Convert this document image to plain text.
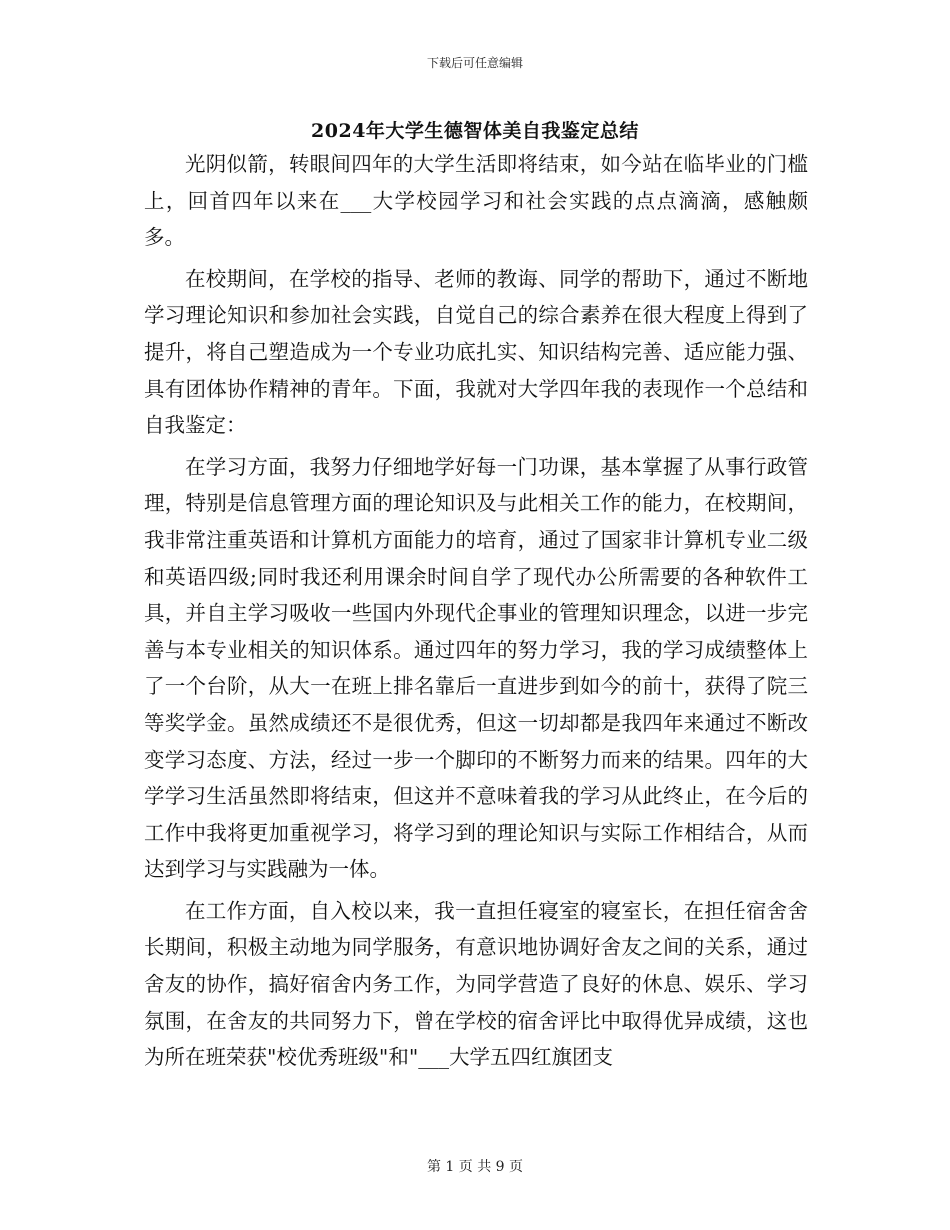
下载后可任意编辑
2024年大学生德智体美自我鉴定总结

光阴似箭，转眼间四年的大学生活即将结束，如今站在临毕业的门槛上，回首四年以来在___大学校园学习和社会实践的点点滴滴，感触颇多。

在校期间，在学校的指导、老师的教诲、同学的帮助下，通过不断地学习理论知识和参加社会实践，自觉自己的综合素养在很大程度上得到了提升，将自己塑造成为一个专业功底扎实、知识结构完善、适应能力强、具有团体协作精神的青年。下面，我就对大学四年我的表现作一个总结和自我鉴定：

在学习方面，我努力仔细地学好每一门功课，基本掌握了从事行政管理，特别是信息管理方面的理论知识及与此相关工作的能力，在校期间，我非常注重英语和计算机方面能力的培育，通过了国家非计算机专业二级和英语四级;同时我还利用课余时间自学了现代办公所需要的各种软件工具，并自主学习吸收一些国内外现代企事业的管理知识理念，以进一步完善与本专业相关的知识体系。通过四年的努力学习，我的学习成绩整体上了一个台阶，从大一在班上排名靠后一直进步到如今的前十，获得了院三等奖学金。虽然成绩还不是很优秀，但这一切却都是我四年来通过不断改变学习态度、方法，经过一步一个脚印的不断努力而来的结果。四年的大学学习生活虽然即将结束，但这并不意味着我的学习从此终止，在今后的工作中我将更加重视学习，将学习到的理论知识与实际工作相结合，从而达到学习与实践融为一体。

在工作方面，自入校以来，我一直担任寝室的寝室长，在担任宿舍舍长期间，积极主动地为同学服务，有意识地协调好舍友之间的关系，通过舍友的协作，搞好宿舍内务工作，为同学营造了良好的休息、娱乐、学习氛围，在舍友的共同努力下，曾在学校的宿舍评比中取得优异成绩，这也为所在班荣获"校优秀班级"和"___大学五四红旗团支

第 1 页 共 9 页
